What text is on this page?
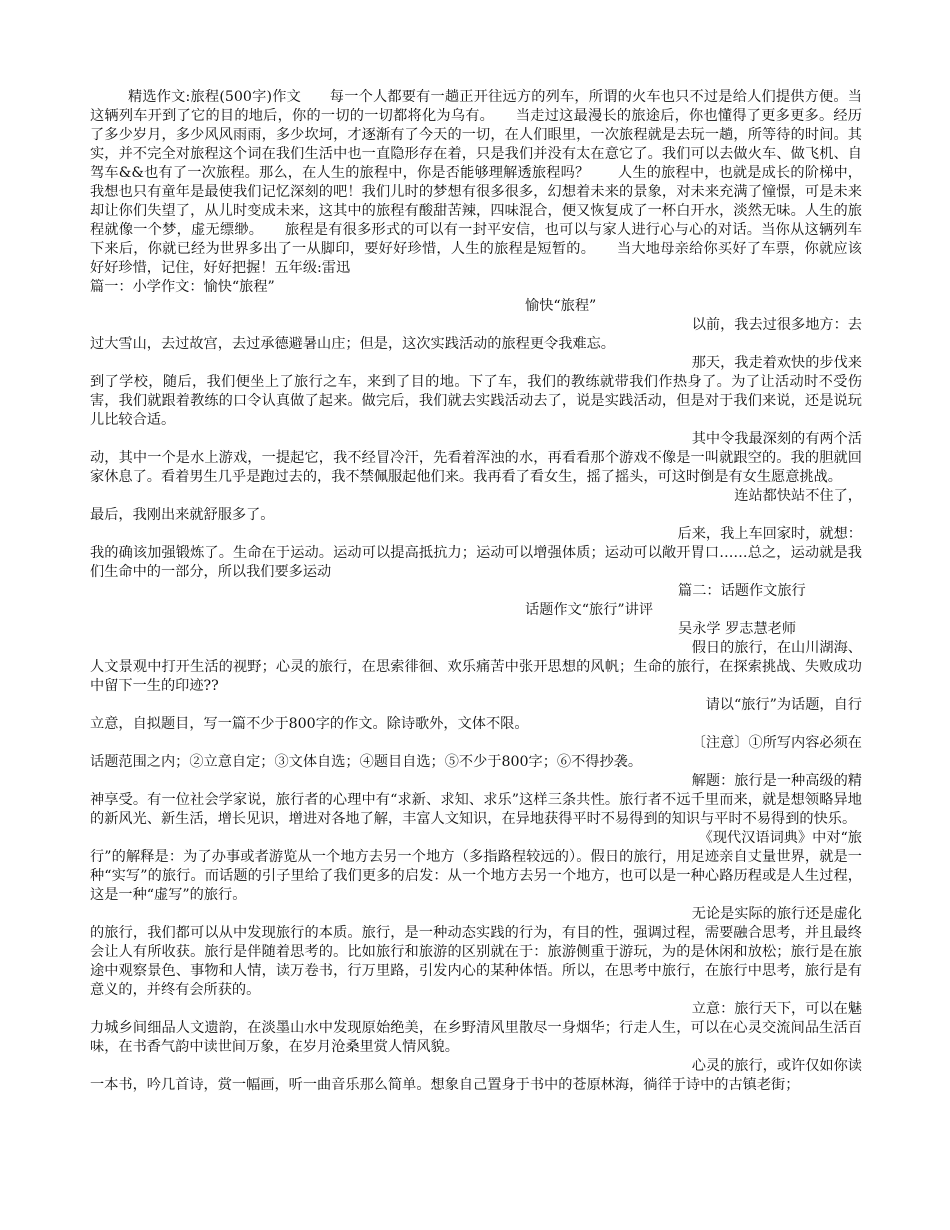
精选作文:旅程(500字)作文　　每一个人都要有一趟正开往远方的列车，所谓的火车也只不过是给人们提供方便。当这辆列车开到了它的目的地后，你的一切的一切都将化为乌有。　　当走过这最漫长的旅途后，你也懂得了更多更多。经历了多少岁月，多少风风雨雨，多少坎坷，才逐渐有了今天的一切，在人们眼里，一次旅程就是去玩一趟，所等待的时间。其实，并不完全对旅程这个词在我们生活中也一直隐形存在着，只是我们并没有太在意它了。我们可以去做火车、做飞机、自驾车&&也有了一次旅程。那么，在人生的旅程中，你是否能够理解透旅程吗？　　人生的旅程中，也就是成长的阶梯中，我想也只有童年是最使我们记忆深刻的吧！我们儿时的梦想有很多很多，幻想着未来的景象，对未来充满了憧憬，可是未来却让你们失望了，从儿时变成未来，这其中的旅程有酸甜苦辣，四味混合，便又恢复成了一杯白开水，淡然无味。人生的旅程就像一个梦，虚无缥缈。　　旅程是有很多形式的可以有一封平安信，也可以与家人进行心与心的对话。当你从这辆列车下来后，你就已经为世界多出了一从脚印，要好好珍惜，人生的旅程是短暂的。　　当大地母亲给你买好了车票，你就应该好好珍惜，记住，好好把握！五年级:雷迅

篇一：小学作文：愉快“旅程”
愉快“旅程”
以前，我去过很多地方：去
过大雪山，去过故宫，去过承德避暑山庄；但是，这次实践活动的旅程更令我难忘。
那天，我走着欢快的步伐来
到了学校，随后，我们便坐上了旅行之车，来到了目的地。下了车，我们的教练就带我们作热身了。为了让活动时不受伤害，我们就跟着教练的口令认真做了起来。做完后，我们就去实践活动去了，说是实践活动，但是对于我们来说，还是说玩儿比较合适。
其中令我最深刻的有两个活
动，其中一个是水上游戏，一提起它，我不经冒冷汗，先看着浑浊的水，再看看那个游戏不像是一叫就跟空的。我的胆就回家休息了。看着男生几乎是跑过去的，我不禁佩服起他们来。我再看了看女生，摇了摇头，可这时倒是有女生愿意挑战。
连站都快站不住了，
最后，我刚出来就舒服多了。
后来，我上车回家时，就想：
我的确该加强锻炼了。生命在于运动。运动可以提高抵抗力；运动可以增强体质；运动可以敞开胃口……总之，运动就是我们生命中的一部分，所以我们要多运动
篇二：话题作文旅行
话题作文“旅行”讲评
吴永学 罗志慧老师
假日的旅行，在山川湖海、
人文景观中打开生活的视野；心灵的旅行，在思索徘徊、欢乐痛苦中张开思想的风帆；生命的旅行，在探索挑战、失败成功中留下一生的印迹??
请以“旅行”为话题，自行
立意，自拟题目，写一篇不少于800字的作文。除诗歌外，文体不限。
〔注意〕①所写内容必须在
话题范围之内；②立意自定；③文体自选；④题目自选；⑤不少于800字；⑥不得抄袭。
解题：旅行是一种高级的精
神享受。有一位社会学家说，旅行者的心理中有“求新、求知、求乐”这样三条共性。旅行者不远千里而来，就是想领略异地的新风光、新生活，增长见识，增进对各地了解，丰富人文知识，在异地获得平时不易得到的知识与平时不易得到的快乐。
《现代汉语词典》中对“旅
行”的解释是：为了办事或者游览从一个地方去另一个地方（多指路程较远的）。假日的旅行，用足迹亲自丈量世界，就是一种“实写”的旅行。而话题的引子里给了我们更多的启发：从一个地方去另一个地方，也可以是一种心路历程或是人生过程，这是一种“虚写”的旅行。
无论是实际的旅行还是虚化
的旅行，我们都可以从中发现旅行的本质。旅行，是一种动态实践的行为，有目的性，强调过程，需要融合思考，并且最终会让人有所收获。旅行是伴随着思考的。比如旅行和旅游的区别就在于：旅游侧重于游玩，为的是休闲和放松；旅行是在旅途中观察景色、事物和人情，读万卷书，行万里路，引发内心的某种体悟。所以，在思考中旅行，在旅行中思考，旅行是有意义的，并终有会所获的。
立意：旅行天下，可以在魅
力城乡间细品人文遗韵，在淡墨山水中发现原始绝美，在乡野清风里散尽一身烟华；行走人生，可以在心灵交流间品生活百味，在书香气韵中读世间万象，在岁月沧桑里赏人情风貌。
心灵的旅行，或许仅如你读
一本书，吟几首诗，赏一幅画，听一曲音乐那么简单。想象自己置身于书中的苍原林海，徜徉于诗中的古镇老街；
